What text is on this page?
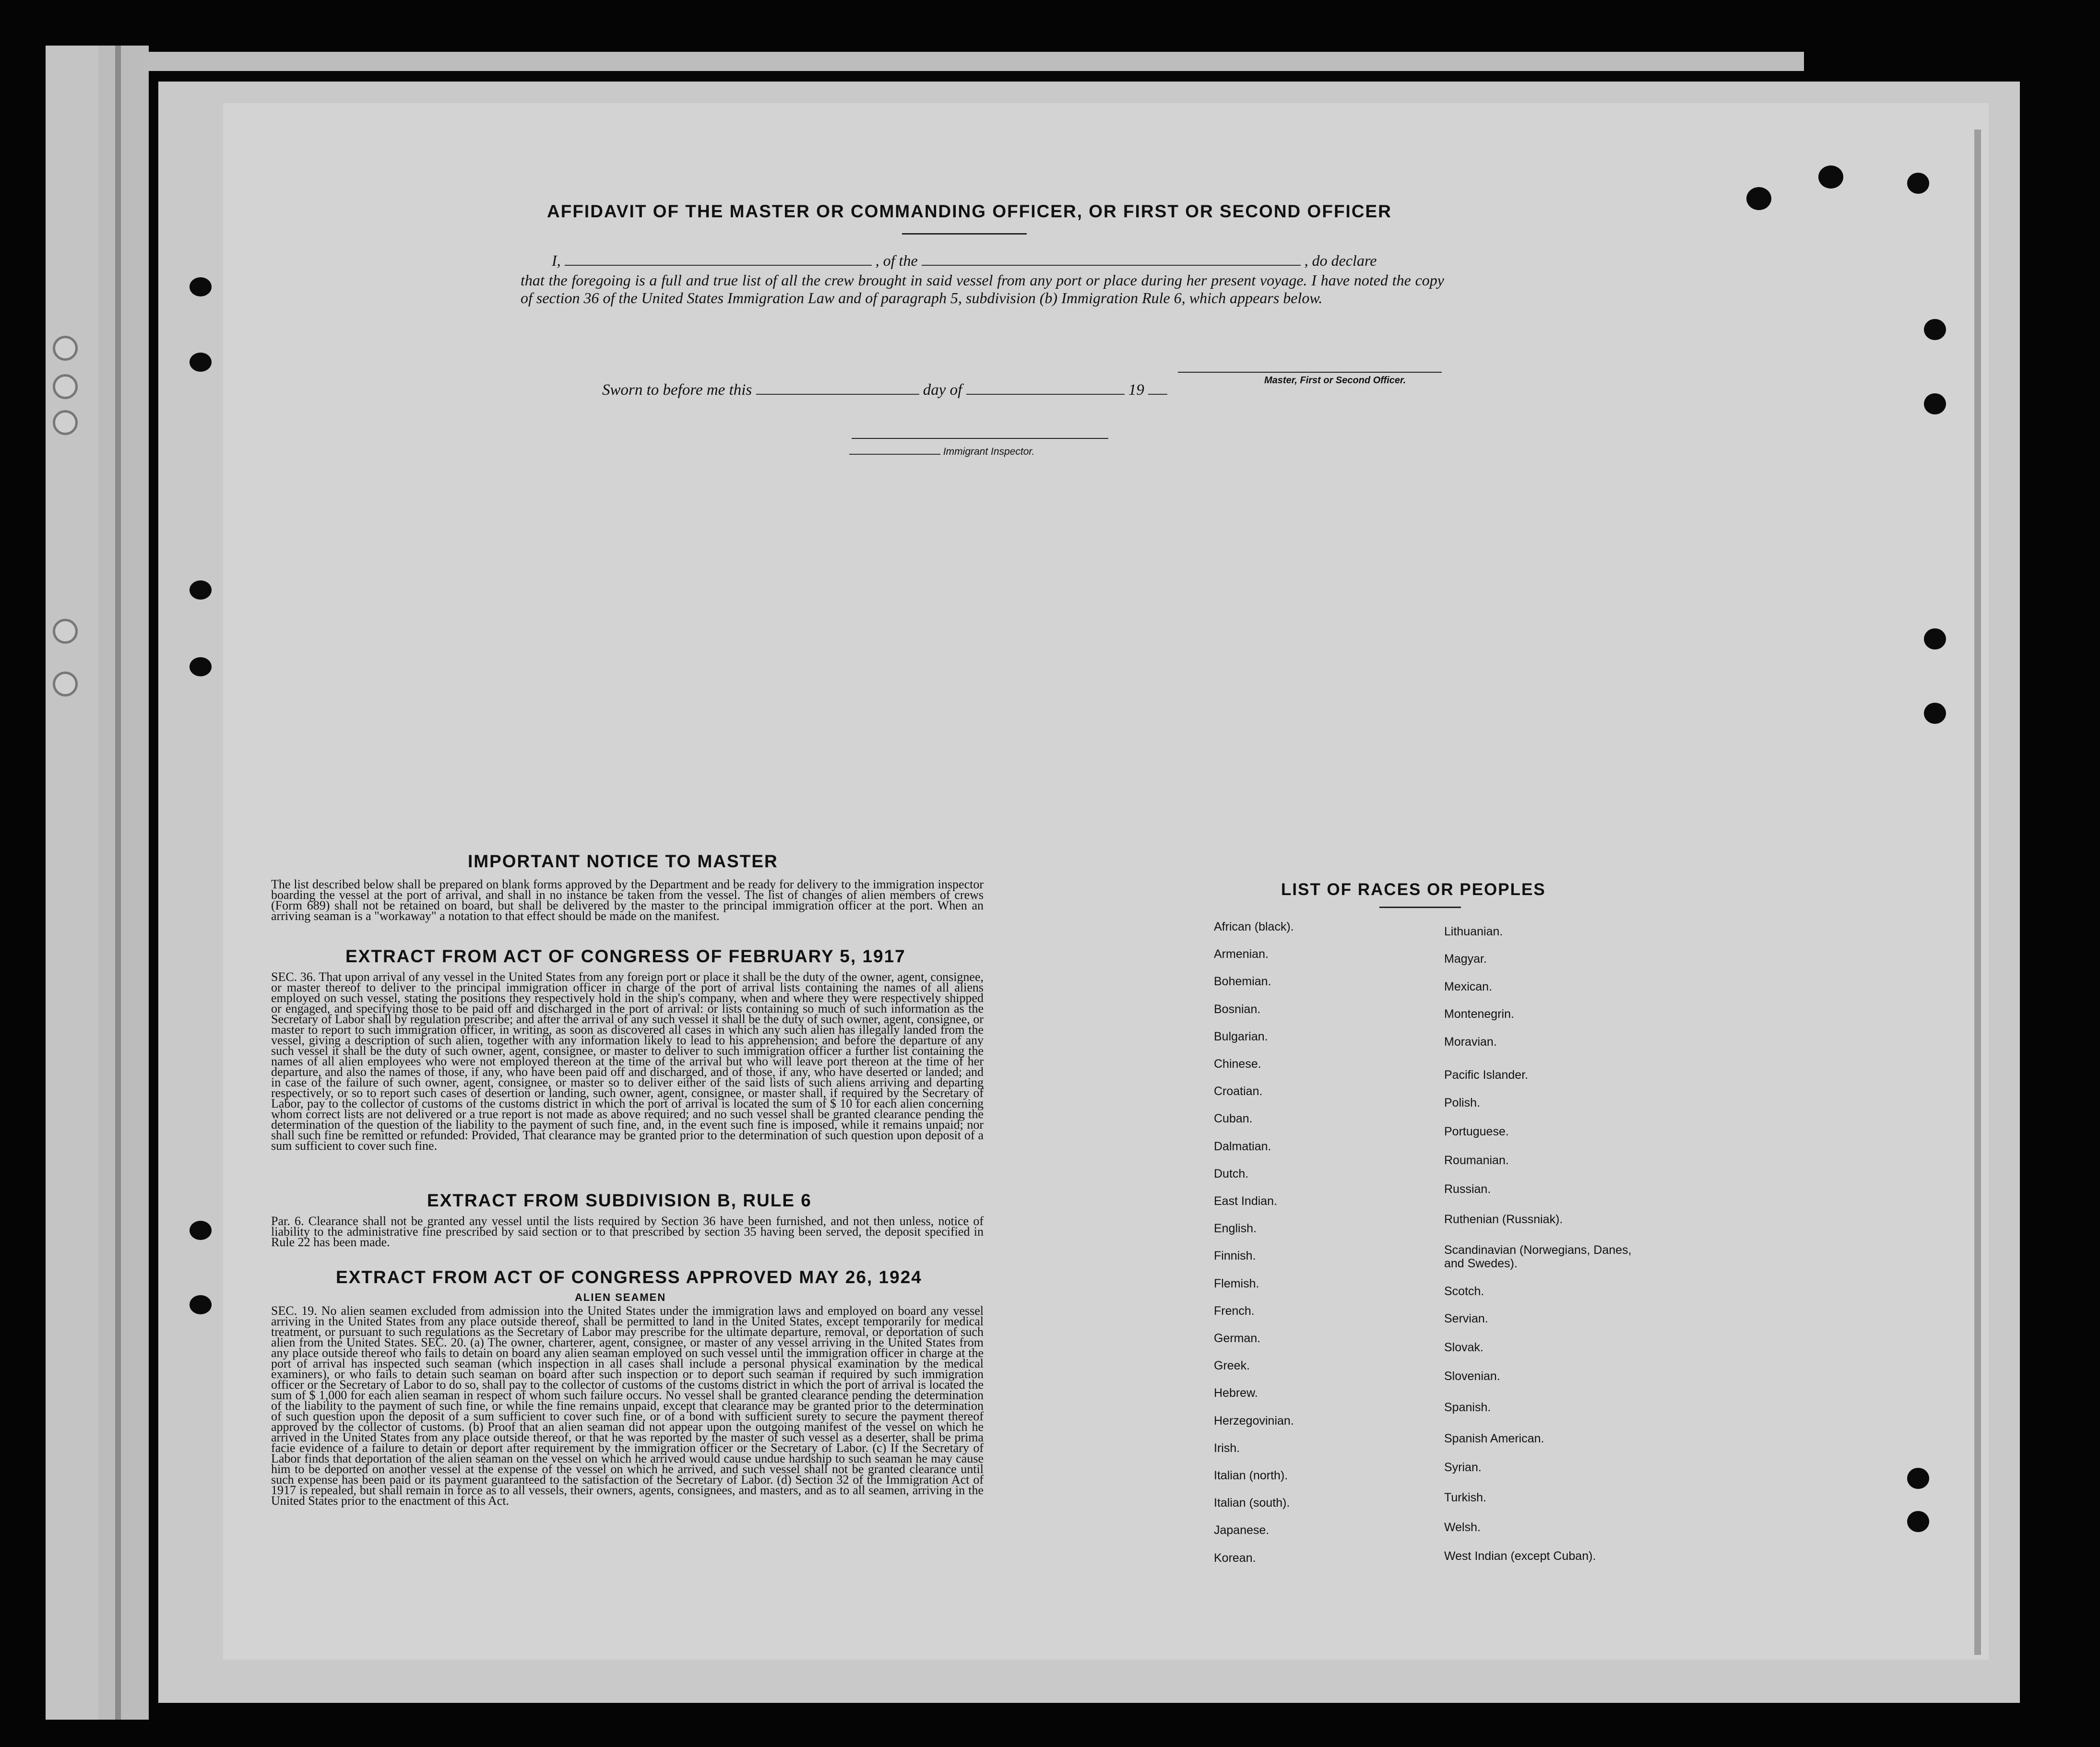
AFFIDAVIT OF THE MASTER OR COMMANDING OFFICER, OR FIRST OR SECOND OFFICER
I,	, of the	, do declare
that the foregoing is a full and true list of all the crew brought in said vessel from any port or place during her present voyage. I have noted the copy of section 36 of the United States Immigration Law and of paragraph 5, subdivision (b) Immigration Rule 6, which appears below.
Master, First or Second Officer.
Sworn to before me this	day of	19
Immigrant Inspector.
IMPORTANT NOTICE TO MASTER
The list described below shall be prepared on blank forms approved by the Department and be ready for delivery to the immigration inspector boarding the vessel at the port of arrival, and shall in no instance be taken from the vessel. The list of changes of alien members of crews (Form 689) shall not be retained on board, but shall be delivered by the master to the principal immigration officer at the port. When an arriving seaman is a "workaway" a notation to that effect should be made on the manifest.
EXTRACT FROM ACT OF CONGRESS OF FEBRUARY 5, 1917
SEC. 36. That upon arrival of any vessel in the United States from any foreign port or place it shall be the duty of the owner, agent, consignee, or master thereof to deliver to the principal immigration officer in charge of the port of arrival lists containing the names of all aliens employed on such vessel, stating the positions they respectively hold in the ship's company, when and where they were respectively shipped or engaged, and specifying those to be paid off and discharged in the port of arrival: or lists containing so much of such information as the Secretary of Labor shall by regulation prescribe; and after the arrival of any such vessel it shall be the duty of such owner, agent, consignee, or master to report to such immigration officer, in writing, as soon as discovered all cases in which any such alien has illegally landed from the vessel, giving a description of such alien, together with any information likely to lead to his apprehension; and before the departure of any such vessel it shall be the duty of such owner, agent, consignee, or master to deliver to such immigration officer a further list containing the names of all alien employees who were not employed thereon at the time of the arrival but who will leave port thereon at the time of her departure, and also the names of those, if any, who have been paid off and discharged, and of those, if any, who have deserted or landed; and in case of the failure of such owner, agent, consignee, or master so to deliver either of the said lists of such aliens arriving and departing respectively, or so to report such cases of desertion or landing, such owner, agent, consignee, or master shall, if required by the Secretary of Labor, pay to the collector of customs of the customs district in which the port of arrival is located the sum of $ 10 for each alien concerning whom correct lists are not delivered or a true report is not made as above required; and no such vessel shall be granted clearance pending the determination of the question of the liability to the payment of such fine, and, in the event such fine is imposed, while it remains unpaid; nor shall such fine be remitted or refunded: Provided, That clearance may be granted prior to the determination of such question upon deposit of a sum sufficient to cover such fine.
EXTRACT FROM SUBDIVISION B, RULE 6
Par. 6. Clearance shall not be granted any vessel until the lists required by Section 36 have been furnished, and not then unless, notice of liability to the administrative fine prescribed by said section or to that prescribed by section 35 having been served, the deposit specified in Rule 22 has been made.
EXTRACT FROM ACT OF CONGRESS APPROVED MAY 26, 1924
ALIEN SEAMEN
SEC. 19. No alien seamen excluded from admission into the United States under the immigration laws and employed on board any vessel arriving in the United States from any place outside thereof, shall be permitted to land in the United States, except temporarily for medical treatment, or pursuant to such regulations as the Secretary of Labor may prescribe for the ultimate departure, removal, or deportation of such alien from the United States. SEC. 20. (a) The owner, charterer, agent, consignee, or master of any vessel arriving in the United States from any place outside thereof who fails to detain on board any alien seaman employed on such vessel until the immigration officer in charge at the port of arrival has inspected such seaman (which inspection in all cases shall include a personal physical examination by the medical examiners), or who fails to detain such seaman on board after such inspection or to deport such seaman if required by such immigration officer or the Secretary of Labor to do so, shall pay to the collector of customs of the customs district in which the port of arrival is located the sum of $ 1,000 for each alien seaman in respect of whom such failure occurs. No vessel shall be granted clearance pending the determination of the liability to the payment of such fine, or while the fine remains unpaid, except that clearance may be granted prior to the determination of such question upon the deposit of a sum sufficient to cover such fine, or of a bond with sufficient surety to secure the payment thereof approved by the collector of customs. (b) Proof that an alien seaman did not appear upon the outgoing manifest of the vessel on which he arrived in the United States from any place outside thereof, or that he was reported by the master of such vessel as a deserter, shall be prima facie evidence of a failure to detain or deport after requirement by the immigration officer or the Secretary of Labor. (c) If the Secretary of Labor finds that deportation of the alien seaman on the vessel on which he arrived would cause undue hardship to such seaman he may cause him to be deported on another vessel at the expense of the vessel on which he arrived, and such vessel shall not be granted clearance until such expense has been paid or its payment guaranteed to the satisfaction of the Secretary of Labor. (d) Section 32 of the Immigration Act of 1917 is repealed, but shall remain in force as to all vessels, their owners, agents, consignees, and masters, and as to all seamen, arriving in the United States prior to the enactment of this Act.
LIST OF RACES OR PEOPLES
African (black).
Armenian.
Bohemian.
Bosnian.
Bulgarian.
Chinese.
Croatian.
Cuban.
Dalmatian.
Dutch.
East Indian.
English.
Finnish.
Flemish.
French.
German.
Greek.
Hebrew.
Herzegovinian.
Irish.
Italian (north).
Italian (south).
Japanese.
Korean.
Lithuanian.
Magyar.
Mexican.
Montenegrin.
Moravian.
Pacific Islander.
Polish.
Portuguese.
Roumanian.
Russian.
Ruthenian (Russniak).
Scandinavian (Norwegians, Danes, and Swedes).
Scotch.
Servian.
Slovak.
Slovenian.
Spanish.
Spanish American.
Syrian.
Turkish.
Welsh.
West Indian (except Cuban).
